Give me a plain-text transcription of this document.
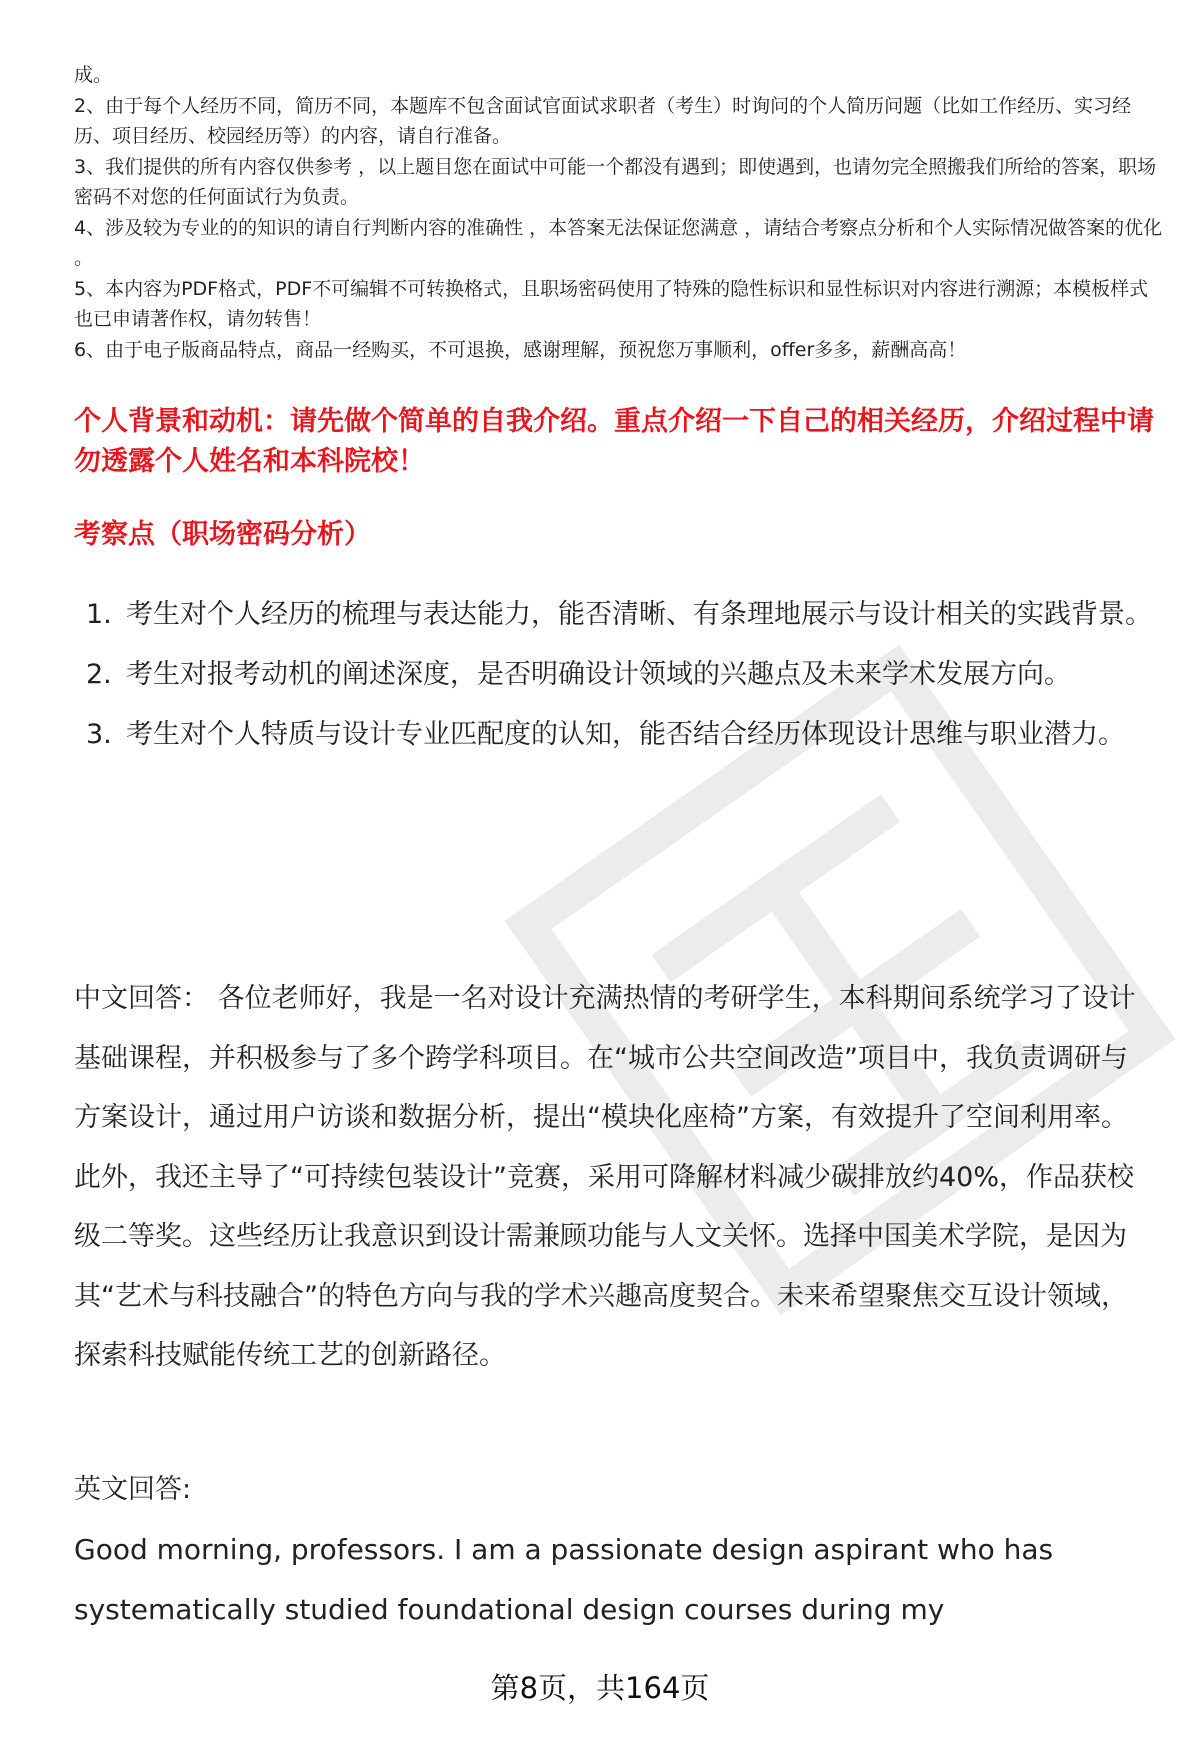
成。

2、由于每个人经历不同，简历不同，本题库不包含面试官面试求职者（考生）时询问的个人简历问题（比如工作经历、实习经历、项目经历、校园经历等）的内容，请自行准备。

3、我们提供的所有内容仅供参考 ，以上题目您在面试中可能一个都没有遇到；即使遇到，也请勿完全照搬我们所给的答案，职场密码不对您的任何面试行为负责。

4、涉及较为专业的的知识的请自行判断内容的准确性 ，本答案无法保证您满意 ，请结合考察点分析和个人实际情况做答案的优化 。

5、本内容为PDF格式，PDF不可编辑不可转换格式，且职场密码使用了特殊的隐性标识和显性标识对内容进行溯源；本模板样式也已申请著作权，请勿转售！

6、由于电子版商品特点，商品一经购买，不可退换，感谢理解，预祝您万事顺利，offer多多，薪酬高高！

个人背景和动机：请先做个简单的自我介绍。重点介绍一下自己的相关经历，介绍过程中请勿透露个人姓名和本科院校！

考察点（职场密码分析）

1. 考生对个人经历的梳理与表达能力，能否清晰、有条理地展示与设计相关的实践背景。
2. 考生对报考动机的阐述深度，是否明确设计领域的兴趣点及未来学术发展方向。
3. 考生对个人特质与设计专业匹配度的认知，能否结合经历体现设计思维与职业潜力。

中文回答： 各位老师好，我是一名对设计充满热情的考研学生，本科期间系统学习了设计基础课程，并积极参与了多个跨学科项目。在“城市公共空间改造”项目中，我负责调研与方案设计，通过用户访谈和数据分析，提出“模块化座椅”方案，有效提升了空间利用率。此外，我还主导了“可持续包装设计”竞赛，采用可降解材料减少碳排放约40%，作品获校级二等奖。这些经历让我意识到设计需兼顾功能与人文关怀。选择中国美术学院，是因为其“艺术与科技融合”的特色方向与我的学术兴趣高度契合。未来希望聚焦交互设计领域，探索科技赋能传统工艺的创新路径。

英文回答:

Good morning, professors. I am a passionate design aspirant who has systematically studied foundational design courses during my

第8页，共164页
